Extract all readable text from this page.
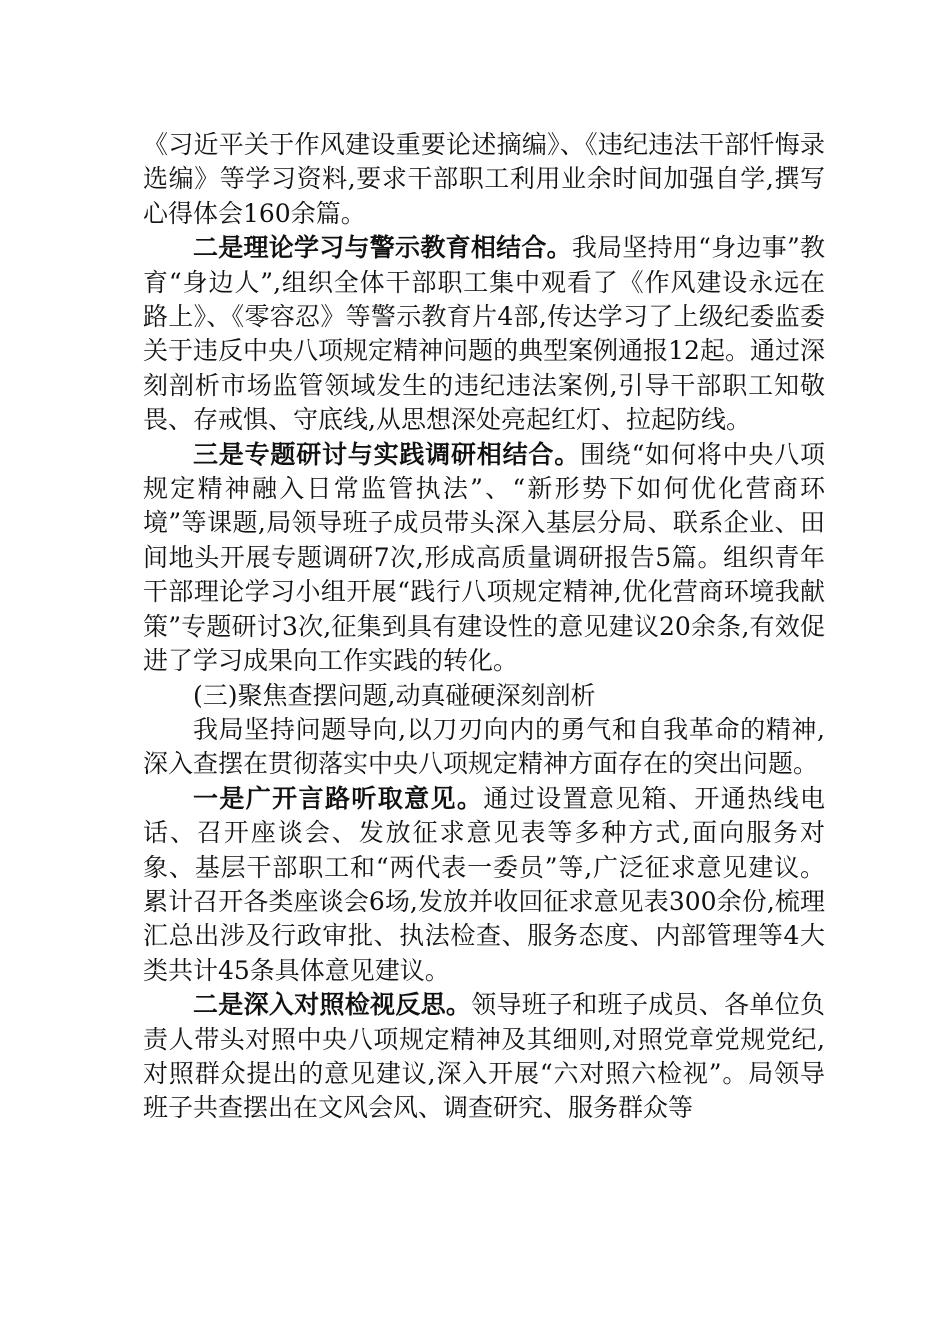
《习近平关于作风建设重要论述摘编》、《违纪违法干部忏悔录选编》等学习资料,要求干部职工利用业余时间加强自学,撰写心得体会160余篇。

二是理论学习与警示教育相结合。我局坚持用“身边事”教育“身边人”,组织全体干部职工集中观看了《作风建设永远在路上》、《零容忍》等警示教育片4部,传达学习了上级纪委监委关于违反中央八项规定精神问题的典型案例通报12起。通过深刻剖析市场监管领域发生的违纪违法案例,引导干部职工知敬畏、存戒惧、守底线,从思想深处亮起红灯、拉起防线。

三是专题研讨与实践调研相结合。围绕“如何将中央八项规定精神融入日常监管执法”、“新形势下如何优化营商环境”等课题,局领导班子成员带头深入基层分局、联系企业、田间地头开展专题调研7次,形成高质量调研报告5篇。组织青年干部理论学习小组开展“践行八项规定精神,优化营商环境我献策”专题研讨3次,征集到具有建设性的意见建议20余条,有效促进了学习成果向工作实践的转化。

(三)聚焦查摆问题,动真碰硬深刻剖析

我局坚持问题导向,以刀刃向内的勇气和自我革命的精神,深入查摆在贯彻落实中央八项规定精神方面存在的突出问题。

一是广开言路听取意见。通过设置意见箱、开通热线电话、召开座谈会、发放征求意见表等多种方式,面向服务对象、基层干部职工和“两代表一委员”等,广泛征求意见建议。累计召开各类座谈会6场,发放并收回征求意见表300余份,梳理汇总出涉及行政审批、执法检查、服务态度、内部管理等4大类共计45条具体意见建议。

二是深入对照检视反思。领导班子和班子成员、各单位负责人带头对照中央八项规定精神及其细则,对照党章党规党纪,对照群众提出的意见建议,深入开展“六对照六检视”。局领导班子共查摆出在文风会风、调查研究、服务群众等
